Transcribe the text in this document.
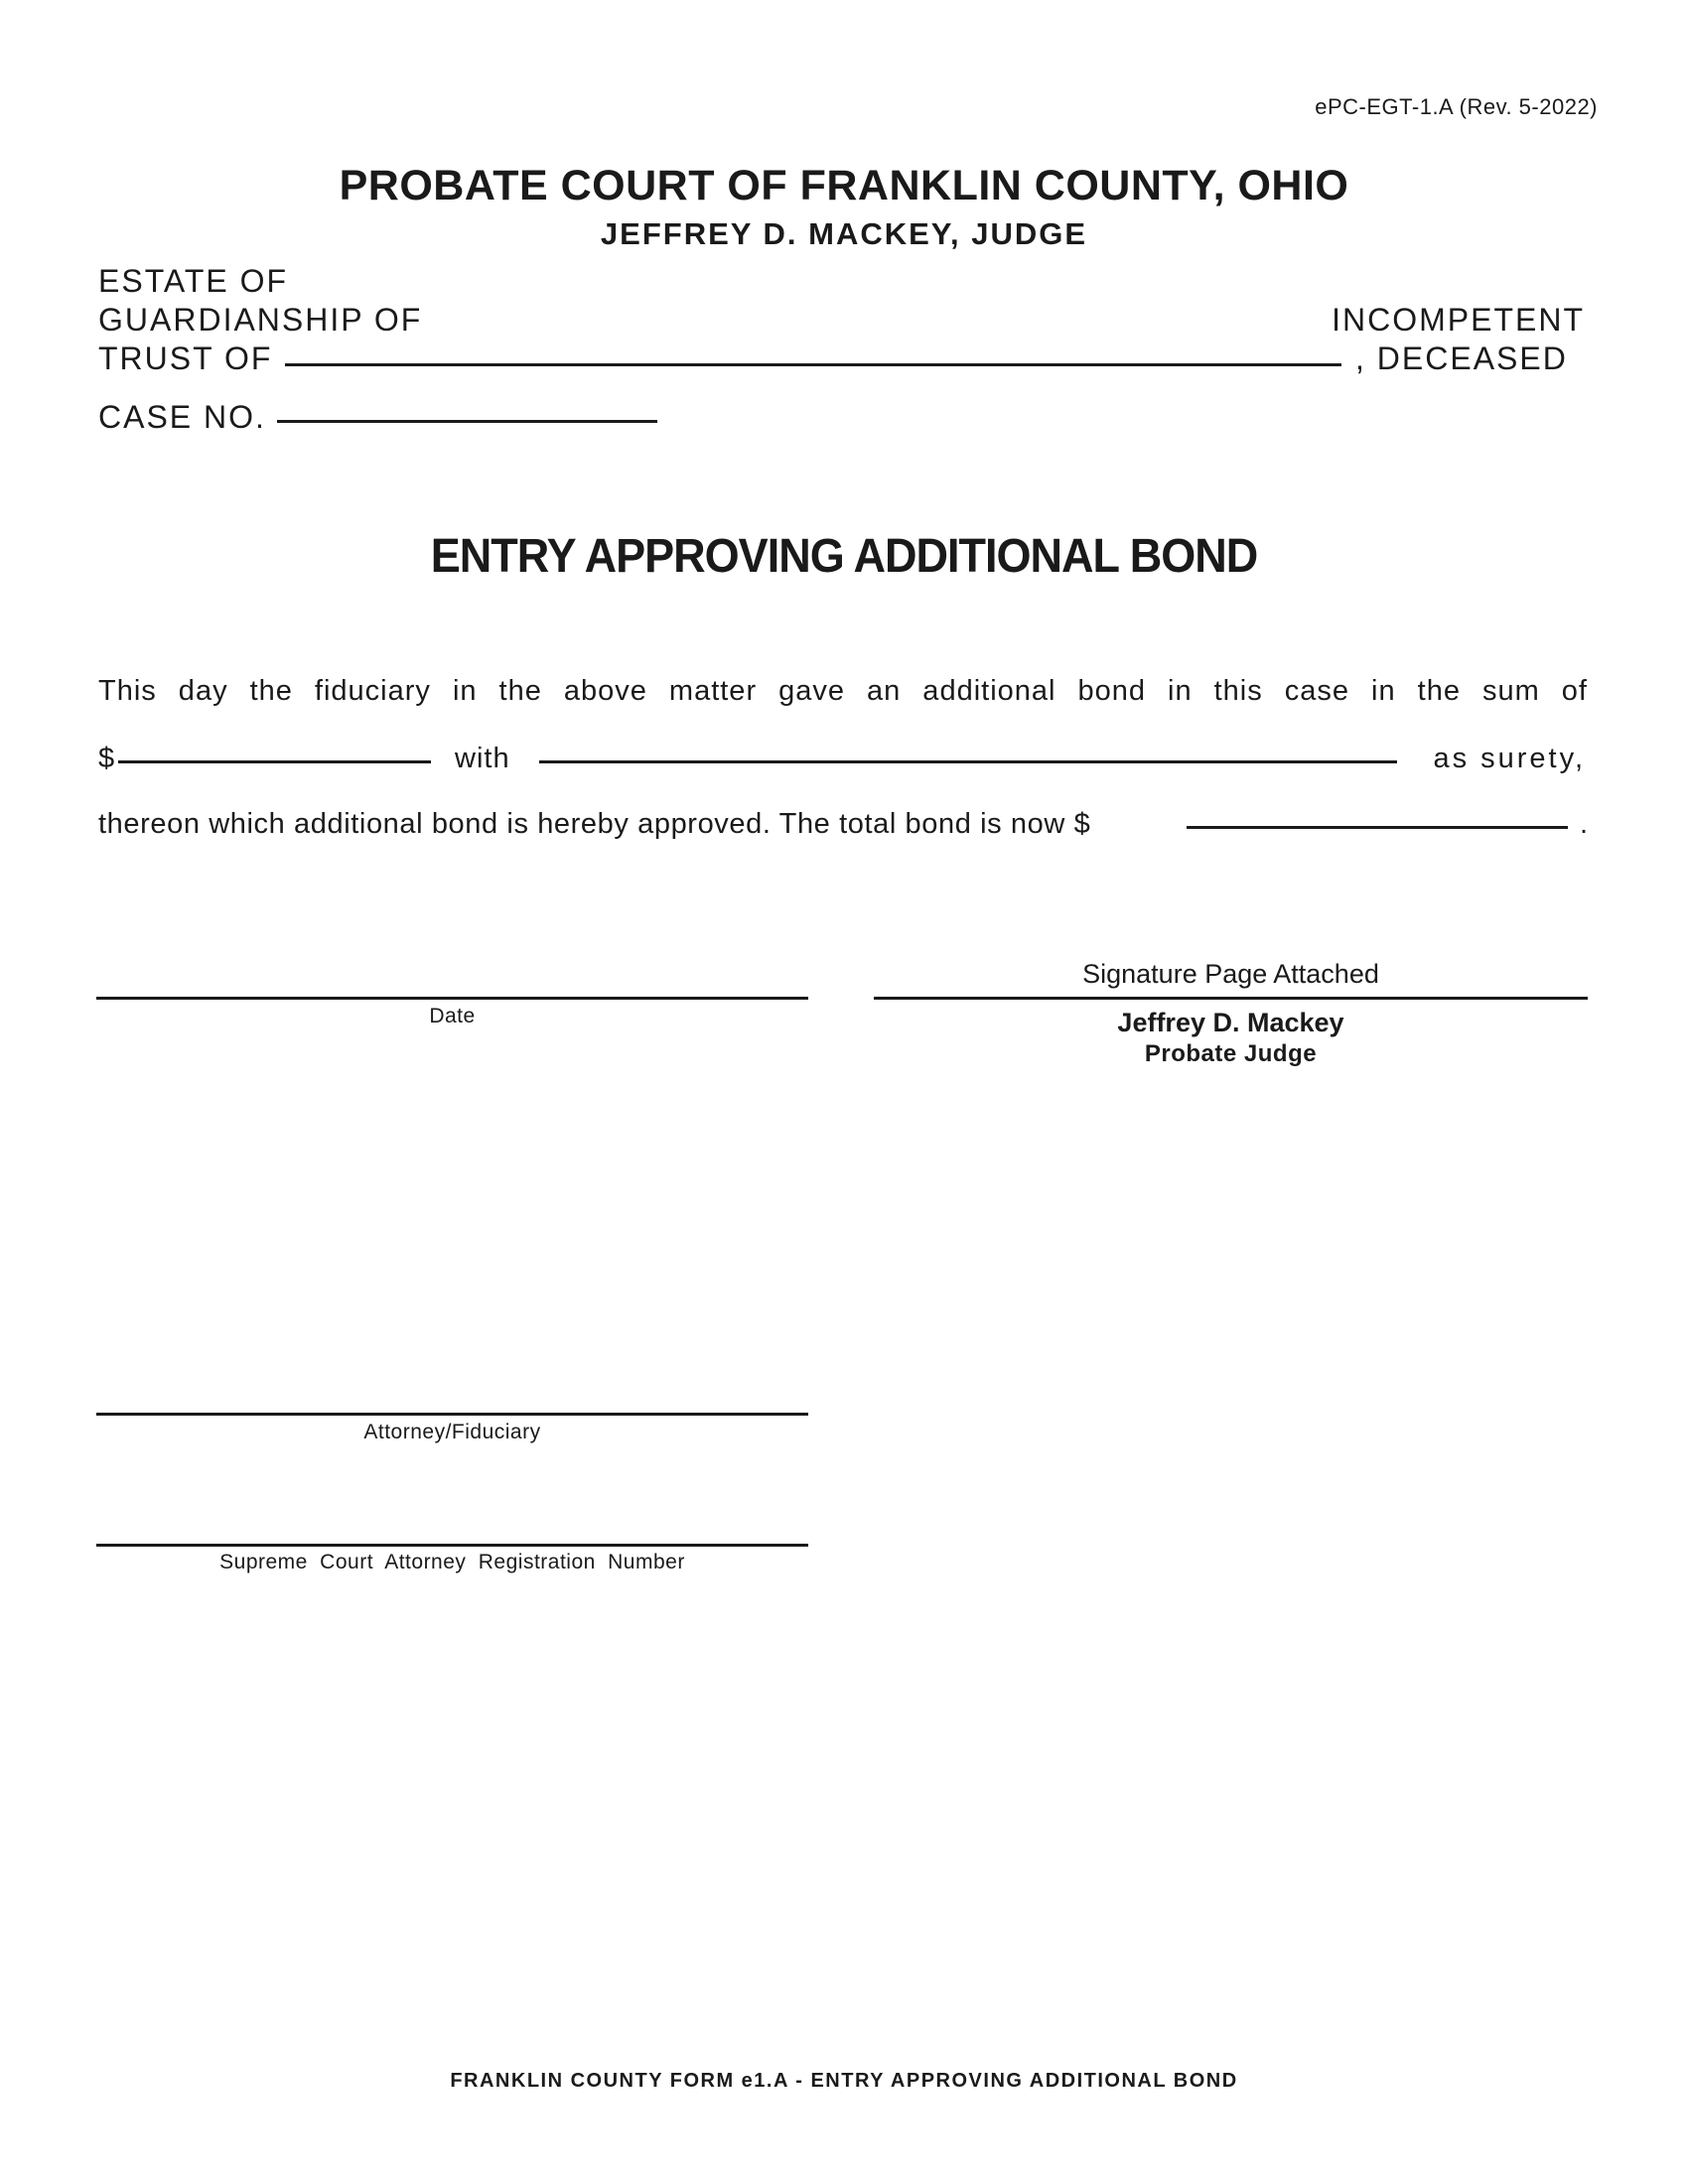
ePC-EGT-1.A (Rev. 5-2022)
PROBATE COURT OF FRANKLIN COUNTY, OHIO
JEFFREY D. MACKEY, JUDGE
ESTATE OF
GUARDIANSHIP OF
TRUST OF
INCOMPETENT
, DECEASED
CASE NO.
ENTRY APPROVING ADDITIONAL BOND
This day the fiduciary in the above matter gave an additional bond in this case in the sum of
$	with	as surety,
thereon which additional bond is hereby approved. The total bond is now $	.
Signature Page Attached
Date	Jeffrey D. Mackey
Probate Judge
Attorney/Fiduciary
Supreme Court Attorney Registration Number
FRANKLIN COUNTY FORM e1.A - ENTRY APPROVING ADDITIONAL BOND
